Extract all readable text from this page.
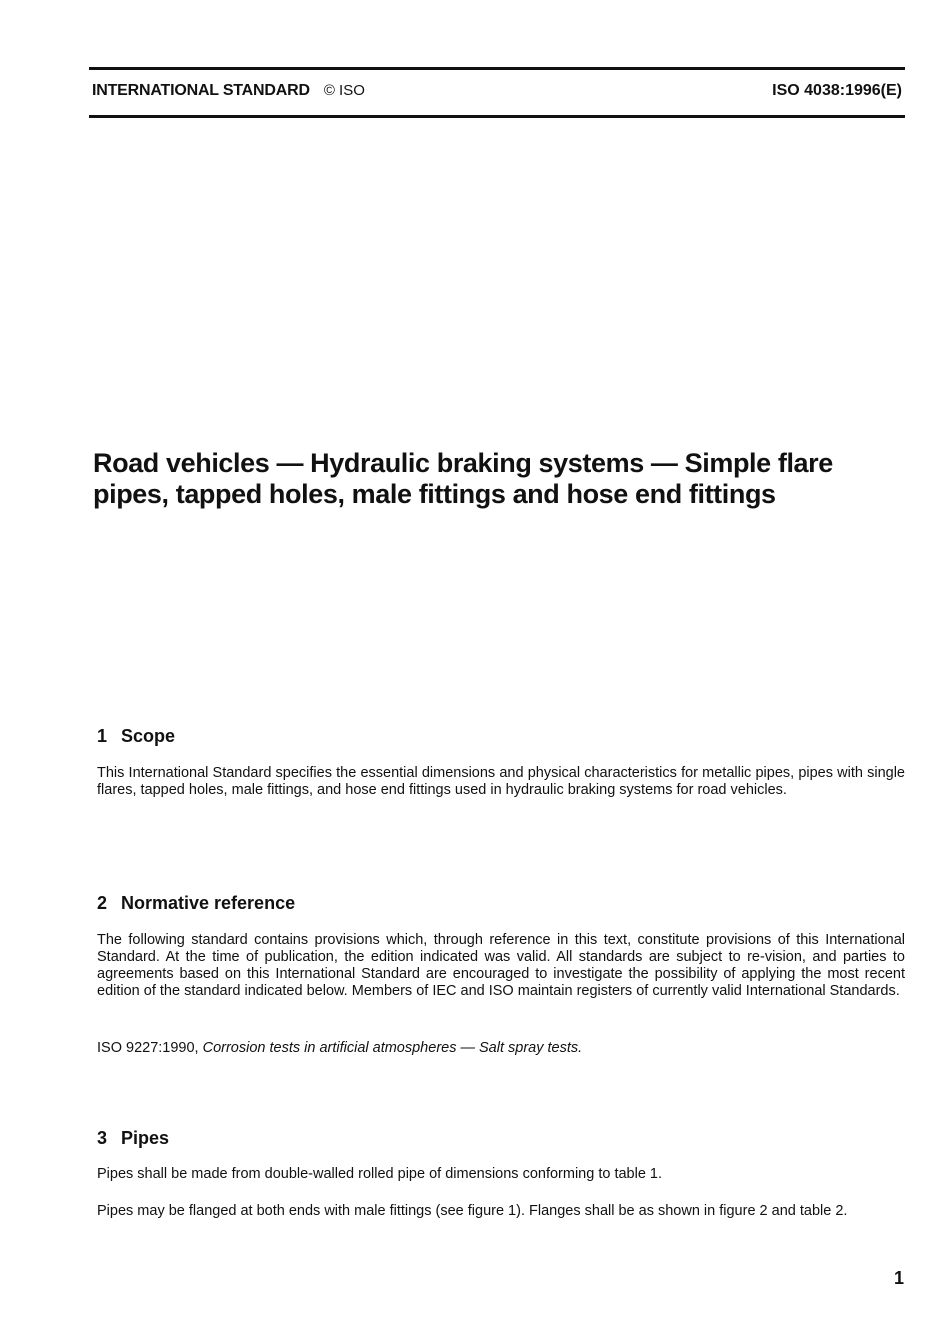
INTERNATIONAL STANDARD © ISO	ISO 4038:1996(E)
Road vehicles — Hydraulic braking systems — Simple flare pipes, tapped holes, male fittings and hose end fittings
1 Scope

This International Standard specifies the essential dimensions and physical characteristics for metallic pipes, pipes with single flares, tapped holes, male fittings, and hose end fittings used in hydraulic braking systems for road vehicles.

2 Normative reference

The following standard contains provisions which, through reference in this text, constitute provisions of this International Standard. At the time of publication, the edition indicated was valid. All standards are subject to re-vision, and parties to agreements based on this International Standard are encouraged to investigate the possibility of applying the most recent edition of the standard indicated below. Members of IEC and ISO maintain registers of currently valid International Standards.

ISO 9227:1990, Corrosion tests in artificial atmospheres — Salt spray tests.

3 Pipes

Pipes shall be made from double-walled rolled pipe of dimensions conforming to table 1.

Pipes may be flanged at both ends with male fittings (see figure 1). Flanges shall be as shown in figure 2 and table 2.

1
